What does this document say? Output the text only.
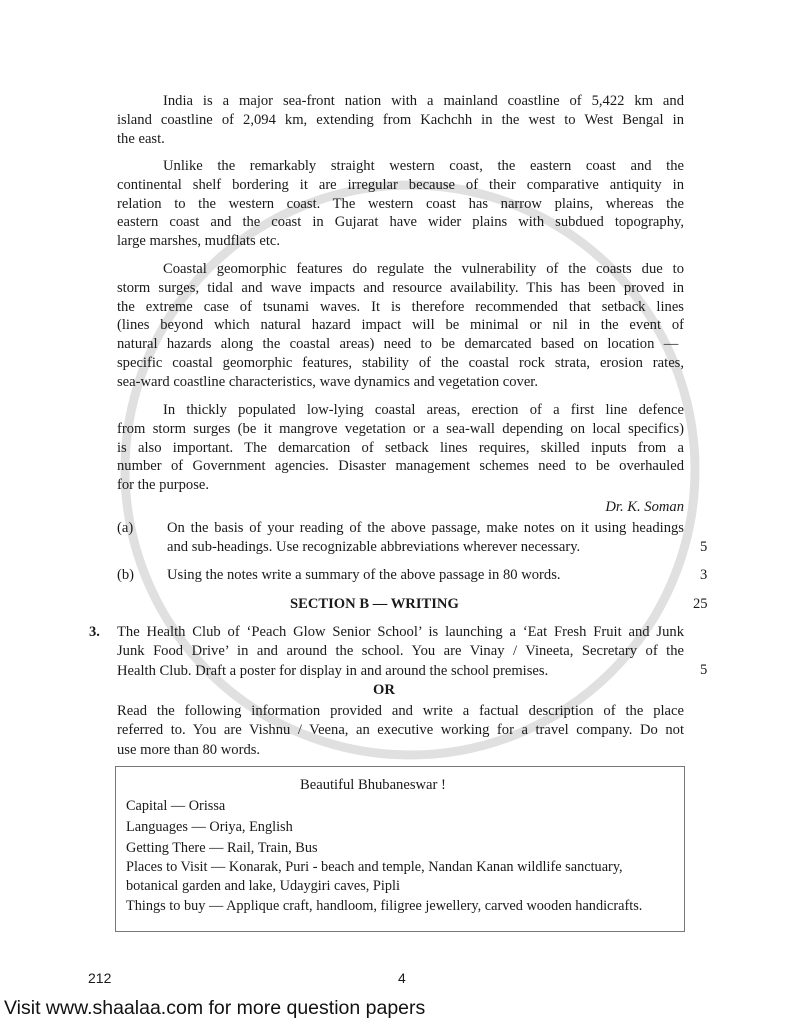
India is a major sea-front nation with a mainland coastline of 5,422 km and
island coastline of 2,094 km, extending from Kachchh in the west to West Bengal in
the east.
Unlike the remarkably straight western coast, the eastern coast and the
continental shelf bordering it are irregular because of their comparative antiquity in
relation to the western coast. The western coast has narrow plains, whereas the
eastern coast and the coast in Gujarat have wider plains with subdued topography,
large marshes, mudflats etc.
Coastal geomorphic features do regulate the vulnerability of the coasts due to
storm surges, tidal and wave impacts and resource availability. This has been proved in
the extreme case of tsunami waves. It is therefore recommended that setback lines
(lines beyond which natural hazard impact will be minimal or nil in the event of
natural hazards along the coastal areas) need to be demarcated based on location —
specific coastal geomorphic features, stability of the coastal rock strata, erosion rates,
sea-ward coastline characteristics, wave dynamics and vegetation cover.
In thickly populated low-lying coastal areas, erection of a first line defence
from storm surges (be it mangrove vegetation or a sea-wall depending on local specifics)
is also important. The demarcation of setback lines requires, skilled inputs from a
number of Government agencies. Disaster management schemes need to be overhauled
for the purpose.
Dr. K. Soman
(a) On the basis of your reading of the above passage, make notes on it using headings
and sub-headings. Use recognizable abbreviations wherever necessary.	5
(b) Using the notes write a summary of the above passage in 80 words.	3
SECTION B — WRITING	25
3. The Health Club of ‘Peach Glow Senior School’ is launching a ‘Eat Fresh Fruit and Junk
Junk Food Drive’ in and around the school. You are Vinay / Vineeta, Secretary of the
Health Club. Draft a poster for display in and around the school premises.	5
OR
Read the following information provided and write a factual description of the place
referred to. You are Vishnu / Veena, an executive working for a travel company. Do not
use more than 80 words.
Beautiful Bhubaneswar !
Capital — Orissa
Languages — Oriya, English
Getting There — Rail, Train, Bus
Places to Visit — Konarak, Puri - beach and temple, Nandan Kanan wildlife sanctuary,
botanical garden and lake, Udaygiri caves, Pipli
Things to buy — Applique craft, handloom, filigree jewellery, carved wooden handicrafts.
212	4
Visit www.shaalaa.com for more question papers
